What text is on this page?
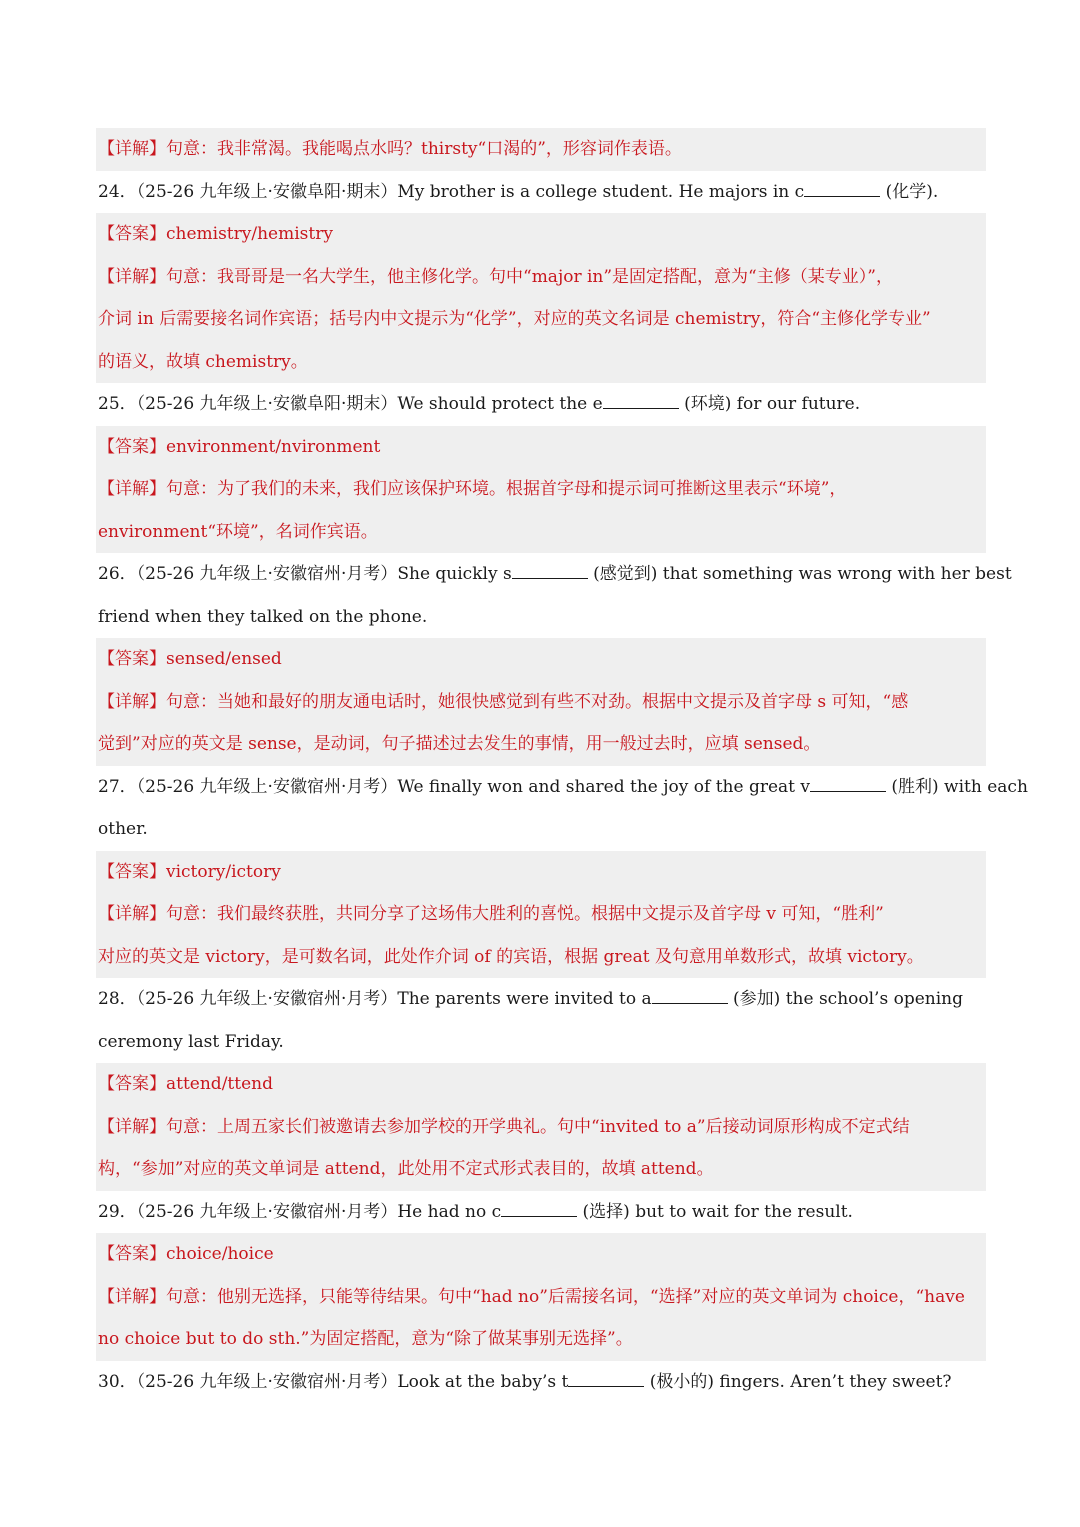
【详解】句意：我非常渴。我能喝点水吗？thirsty“口渴的”，形容词作表语。
24．（25-26 九年级上·安徽阜阳·期末）My brother is a college student. He majors in c	(化学).
【答案】chemistry/hemistry
【详解】句意：我哥哥是一名大学生，他主修化学。句中“major in”是固定搭配，意为“主修（某专业）”，
介词 in 后需要接名词作宾语；括号内中文提示为“化学”，对应的英文名词是 chemistry，符合“主修化学专业”
的语义，故填 chemistry。
25．（25-26 九年级上·安徽阜阳·期末）We should protect the e	(环境) for our future.
【答案】environment/nvironment
【详解】句意：为了我们的未来，我们应该保护环境。根据首字母和提示词可推断这里表示“环境”，
environment“环境”，名词作宾语。
26．（25-26 九年级上·安徽宿州·月考）She quickly s	(感觉到) that something was wrong with her best
friend when they talked on the phone.
【答案】sensed/ensed
【详解】句意：当她和最好的朋友通电话时，她很快感觉到有些不对劲。根据中文提示及首字母 s 可知，“感
觉到”对应的英文是 sense，是动词，句子描述过去发生的事情，用一般过去时，应填 sensed。
27．（25-26 九年级上·安徽宿州·月考）We finally won and shared the joy of the great v	(胜利) with each
other.
【答案】victory/ictory
【详解】句意：我们最终获胜，共同分享了这场伟大胜利的喜悦。根据中文提示及首字母 v 可知，“胜利”
对应的英文是 victory，是可数名词，此处作介词 of 的宾语，根据 great 及句意用单数形式，故填 victory。
28．（25-26 九年级上·安徽宿州·月考）The parents were invited to a	(参加) the school’s opening
ceremony last Friday.
【答案】attend/ttend
【详解】句意：上周五家长们被邀请去参加学校的开学典礼。句中“invited to a”后接动词原形构成不定式结
构，“参加”对应的英文单词是 attend，此处用不定式形式表目的，故填 attend。
29．（25-26 九年级上·安徽宿州·月考）He had no c	(选择) but to wait for the result.
【答案】choice/hoice
【详解】句意：他别无选择，只能等待结果。句中“had no”后需接名词，“选择”对应的英文单词为 choice，“have
no choice but to do sth.”为固定搭配，意为“除了做某事别无选择”。
30．（25-26 九年级上·安徽宿州·月考）Look at the baby’s t	(极小的) fingers. Aren’t they sweet?
